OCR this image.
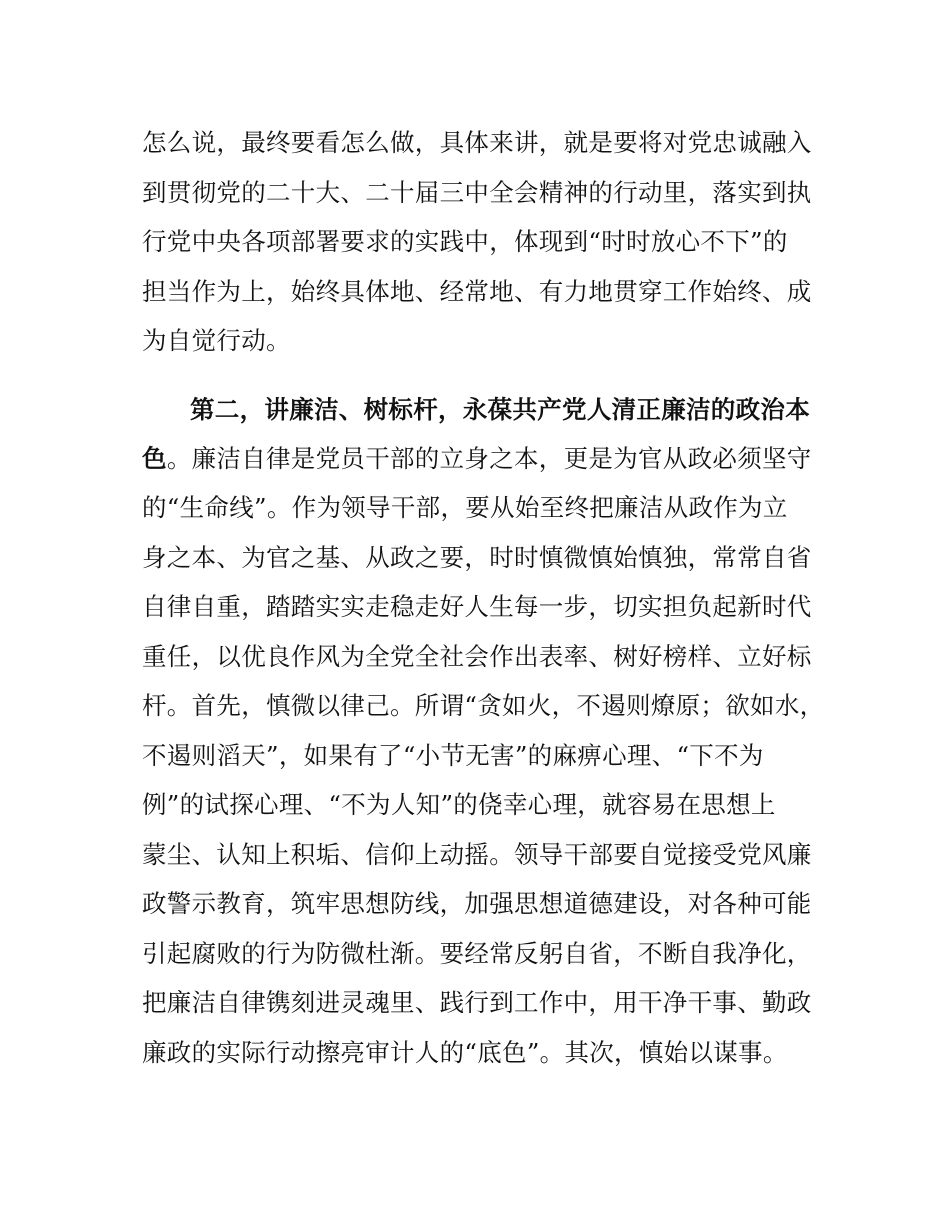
怎么说，最终要看怎么做，具体来讲，就是要将对党忠诚融入
到贯彻党的二十大、二十届三中全会精神的行动里，落实到执
行党中央各项部署要求的实践中，体现到“时时放心不下”的
担当作为上，始终具体地、经常地、有力地贯穿工作始终、成
为自觉行动。
第二，讲廉洁、树标杆，永葆共产党人清正廉洁的政治本
色。廉洁自律是党员干部的立身之本，更是为官从政必须坚守
的“生命线”。作为领导干部，要从始至终把廉洁从政作为立
身之本、为官之基、从政之要，时时慎微慎始慎独，常常自省
自律自重，踏踏实实走稳走好人生每一步，切实担负起新时代
重任，以优良作风为全党全社会作出表率、树好榜样、立好标
杆。首先，慎微以律己。所谓“贪如火，不遏则燎原；欲如水，
不遏则滔天”，如果有了“小节无害”的麻痹心理、“下不为
例”的试探心理、“不为人知”的侥幸心理，就容易在思想上
蒙尘、认知上积垢、信仰上动摇。领导干部要自觉接受党风廉
政警示教育，筑牢思想防线，加强思想道德建设，对各种可能
引起腐败的行为防微杜渐。要经常反躬自省，不断自我净化，
把廉洁自律镌刻进灵魂里、践行到工作中，用干净干事、勤政
廉政的实际行动擦亮审计人的“底色”。其次，慎始以谋事。
